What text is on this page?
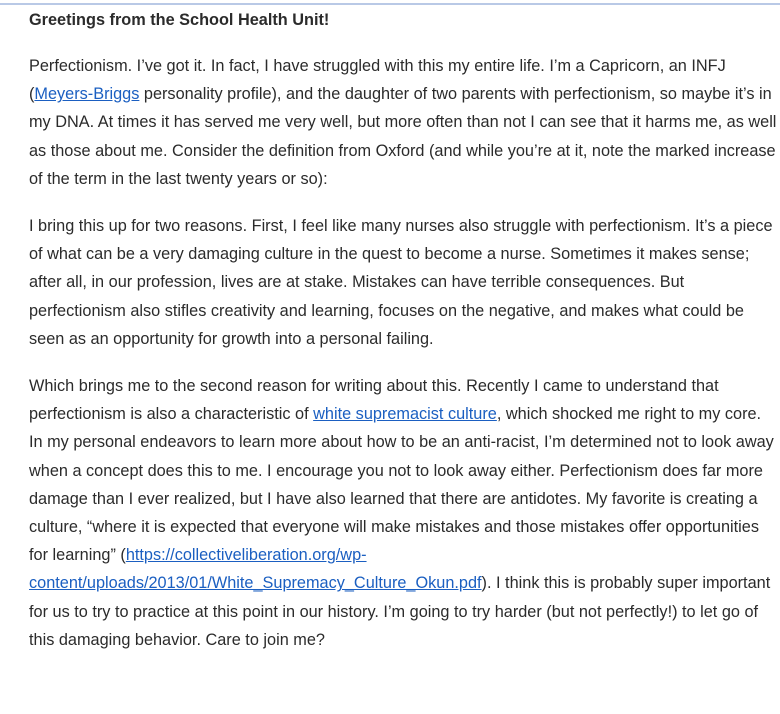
Greetings from the School Health Unit!

Perfectionism. I’ve got it. In fact, I have struggled with this my entire life. I’m a Capricorn, an INFJ (Meyers-Briggs personality profile), and the daughter of two parents with perfectionism, so maybe it’s in my DNA. At times it has served me very well, but more often than not I can see that it harms me, as well as those about me. Consider the definition from Oxford (and while you’re at it, note the marked increase of the term in the last twenty years or so):

I bring this up for two reasons. First, I feel like many nurses also struggle with perfectionism. It’s a piece of what can be a very damaging culture in the quest to become a nurse. Sometimes it makes sense; after all, in our profession, lives are at stake. Mistakes can have terrible consequences. But perfectionism also stifles creativity and learning, focuses on the negative, and makes what could be seen as an opportunity for growth into a personal failing.

Which brings me to the second reason for writing about this. Recently I came to understand that perfectionism is also a characteristic of white supremacist culture, which shocked me right to my core. In my personal endeavors to learn more about how to be an anti-racist, I’m determined not to look away when a concept does this to me. I encourage you not to look away either. Perfectionism does far more damage than I ever realized, but I have also learned that there are antidotes. My favorite is creating a culture, “where it is expected that everyone will make mistakes and those mistakes offer opportunities for learning” (https://collectiveliberation.org/wp-
content/uploads/2013/01/White_Supremacy_Culture_Okun.pdf). I think this is probably super important for us to try to practice at this point in our history. I’m going to try harder (but not perfectly!) to let go of this damaging behavior. Care to join me?
